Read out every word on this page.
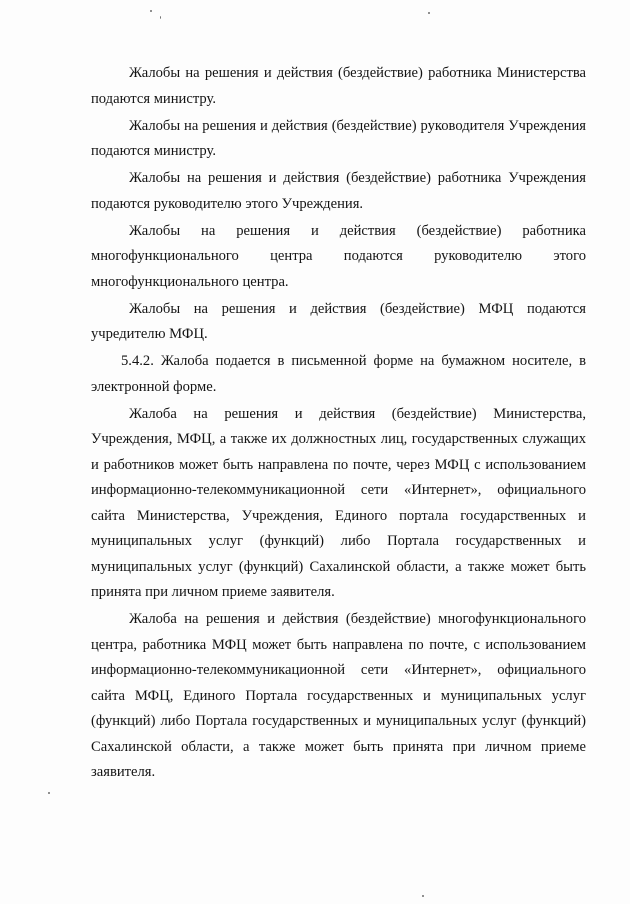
Жалобы на решения и действия (бездействие) работника Министерства подаются министру.

Жалобы на решения и действия (бездействие) руководителя Учреждения подаются министру.

Жалобы на решения и действия (бездействие) работника Учреждения подаются руководителю этого Учреждения.

Жалобы на решения и действия (бездействие) работника многофункционального центра подаются руководителю этого многофункционального центра.

Жалобы на решения и действия (бездействие) МФЦ подаются учредителю МФЦ.

5.4.2. Жалоба подается в письменной форме на бумажном носителе, в электронной форме.

Жалоба на решения и действия (бездействие) Министерства, Учреждения, МФЦ, а также их должностных лиц, государственных служащих и работников может быть направлена по почте, через МФЦ с использованием информационно-телекоммуникационной сети «Интернет», официального сайта Министерства, Учреждения, Единого портала государственных и муниципальных услуг (функций) либо Портала государственных и муниципальных услуг (функций) Сахалинской области, а также может быть принята при личном приеме заявителя.

Жалоба на решения и действия (бездействие) многофункционального центра, работника МФЦ может быть направлена по почте, с использованием информационно-телекоммуникационной сети «Интернет», официального сайта МФЦ, Единого Портала государственных и муниципальных услуг (функций) либо Портала государственных и муниципальных услуг (функций) Сахалинской области, а также может быть принята при личном приеме заявителя.
